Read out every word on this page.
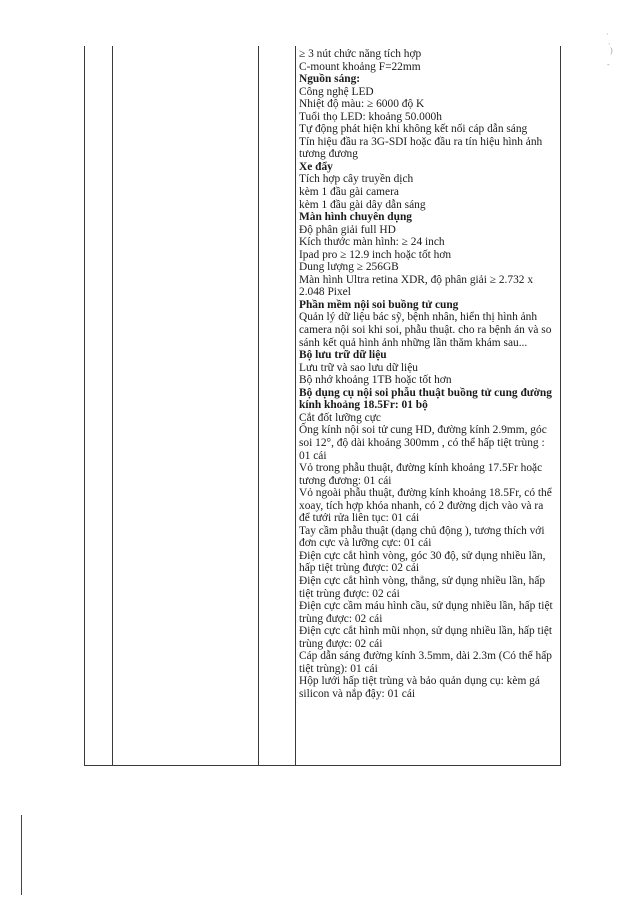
·
` )
-
≥ 3 nút chức năng tích hợp
C-mount khoảng F=22mm
Nguồn sáng:
Công nghệ LED
Nhiệt độ màu: ≥ 6000 độ K
Tuổi thọ LED: khoảng 50.000h
Tự động phát hiện khi không kết nối cáp dẫn sáng
Tín hiệu đầu ra 3G-SDI hoặc đầu ra tín hiệu hình ảnh
tương đương
Xe đẩy
Tích hợp cây truyền dịch
kèm 1 đầu gài camera
kèm 1 đầu gài dây dẫn sáng
Màn hình chuyên dụng
Độ phân giải full HD
Kích thước màn hình: ≥ 24 inch
Ipad pro ≥ 12.9 inch hoặc tốt hơn
Dung lượng ≥ 256GB
Màn hình Ultra retina XDR, độ phân giải ≥ 2.732 x
2.048 Pixel
Phần mềm nội soi buồng tử cung
Quản lý dữ liệu bác sỹ, bệnh nhân, hiển thị hình ảnh
camera nội soi khi soi, phẫu thuật. cho ra bệnh án và so
sánh kết quả hình ảnh những lần thăm khám sau...
Bộ lưu trữ dữ liệu
Lưu trữ và sao lưu dữ liệu
Bộ nhớ khoảng 1TB hoặc tốt hơn
Bộ dụng cụ nội soi phẫu thuật buồng tử cung đường
kính khoảng 18.5Fr: 01 bộ
Cắt đốt lưỡng cực
Ống kính nội soi tử cung HD, đường kính 2.9mm, góc
soi 12°, độ dài khoảng 300mm , có thể hấp tiệt trùng :
01 cái
Vỏ trong phẫu thuật, đường kính khoảng 17.5Fr hoặc
tương đương: 01 cái
Vỏ ngoài phẫu thuật, đường kính khoảng 18.5Fr, có thể
xoay, tích hợp khóa nhanh, có 2 đường dịch vào và ra
để tưới rửa liên tục: 01 cái
Tay cầm phẫu thuật (dạng chủ động ), tương thích với
đơn cực và lưỡng cực: 01 cái
Điện cực cắt hình vòng, góc 30 độ, sử dụng nhiều lần,
hấp tiệt trùng được: 02 cái
Điện cực cắt hình vòng, thẳng, sử dụng nhiều lần, hấp
tiệt trùng được: 02 cái
Điện cực cầm máu hình cầu, sử dụng nhiều lần, hấp tiệt
trùng được: 02 cái
Điện cực cắt hình mũi nhọn, sử dụng nhiều lần, hấp tiệt
trùng được: 02 cái
Cáp dẫn sáng đường kính 3.5mm, dài 2.3m (Có thể hấp
tiệt trùng): 01 cái
Hộp lưới hấp tiệt trùng và bảo quản dụng cụ: kèm gá
silicon và nắp đậy: 01 cái
